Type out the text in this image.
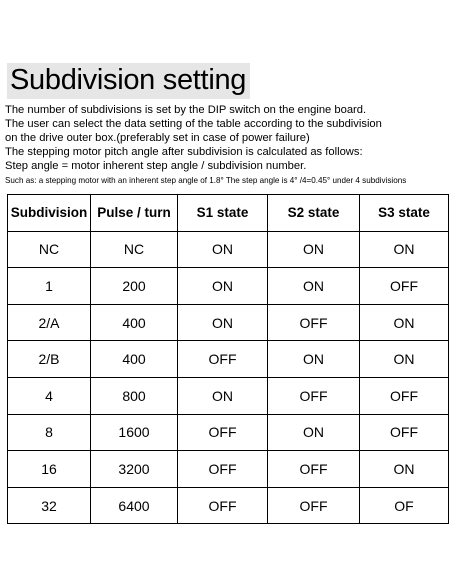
Subdivision setting
The number of subdivisions is set by the DIP switch on the engine board.
The user can select the data setting of the table according to the subdivision
on the drive outer box.(preferably set in case of power failure)
The stepping motor pitch angle after subdivision is calculated as follows:
Step angle = motor inherent step angle / subdivision number.
Such as: a stepping motor with an inherent step angle of 1.8° The step angle is 4° /4=0.45° under 4 subdivisions
Subdivision	Pulse / turn	S1 state	S2 state	S3 state
NC	NC	ON	ON	ON
1	200	ON	ON	OFF
2/A	400	ON	OFF	ON
2/B	400	OFF	ON	ON
4	800	ON	OFF	OFF
8	1600	OFF	ON	OFF
16	3200	OFF	OFF	ON
32	6400	OFF	OFF	OF
